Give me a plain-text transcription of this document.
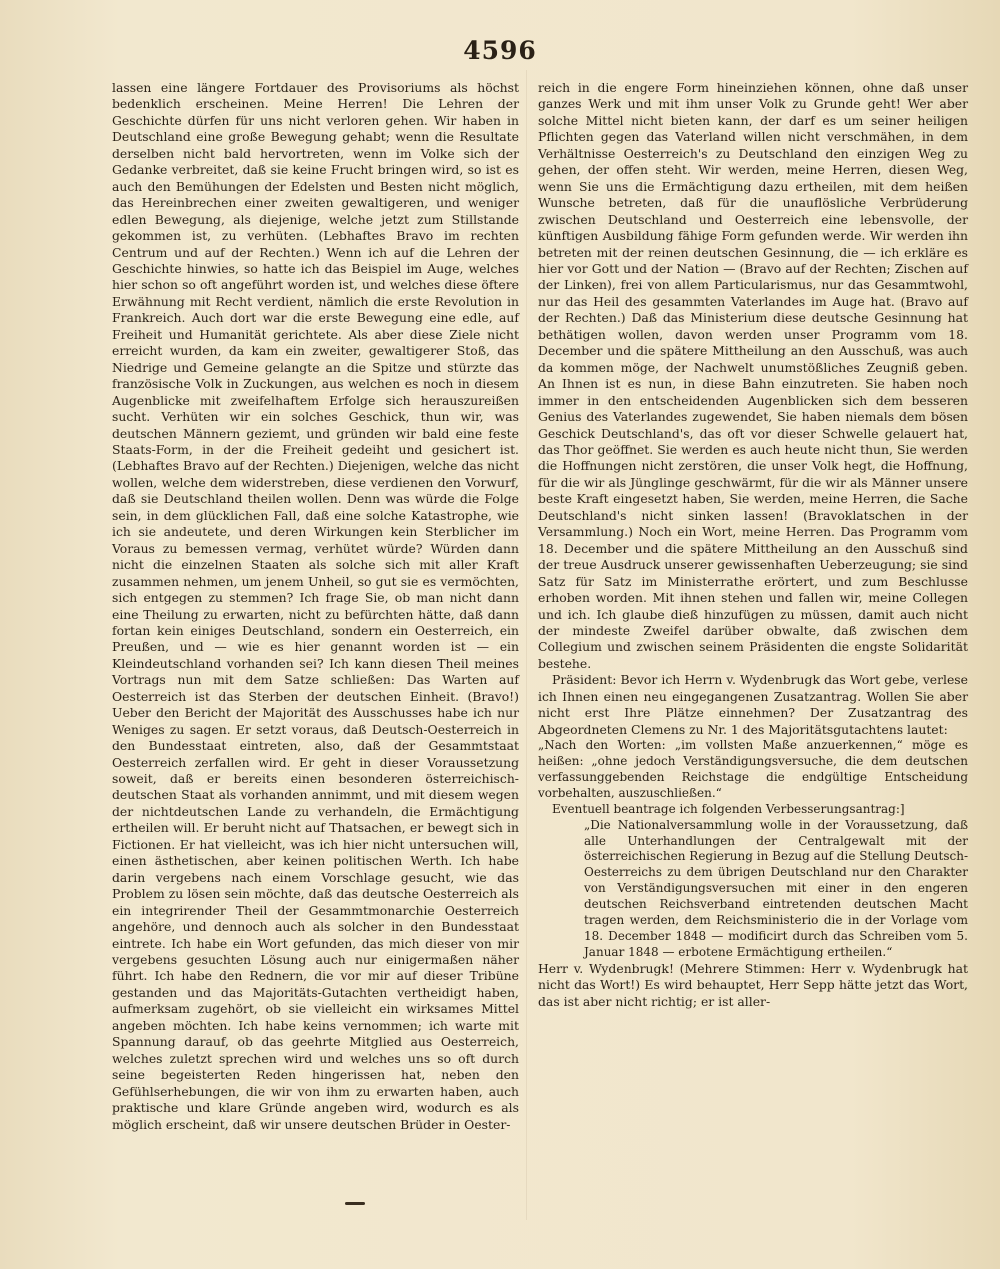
4596

lassen eine längere Fortdauer des Provisoriums als höchst bedenklich erscheinen. Meine Herren! Die Lehren der Geschichte dürfen für uns nicht verloren gehen. Wir haben in Deutschland eine große Bewegung gehabt; wenn die Resultate derselben nicht bald hervortreten, wenn im Volke sich der Gedanke verbreitet, daß sie keine Frucht bringen wird, so ist es auch den Bemühungen der Edelsten und Besten nicht möglich, das Hereinbrechen einer zweiten gewaltigeren, und weniger edlen Bewegung, als diejenige, welche jetzt zum Stillstande gekommen ist, zu verhüten. (Lebhaftes Bravo im rechten Centrum und auf der Rechten.) Wenn ich auf die Lehren der Geschichte hinwies, so hatte ich das Beispiel im Auge, welches hier schon so oft angeführt worden ist, und welches diese öftere Erwähnung mit Recht verdient, nämlich die erste Revolution in Frankreich. Auch dort war die erste Bewegung eine edle, auf Freiheit und Humanität gerichtete. Als aber diese Ziele nicht erreicht wurden, da kam ein zweiter, gewaltigerer Stoß, das Niedrige und Gemeine gelangte an die Spitze und stürzte das französische Volk in Zuckungen, aus welchen es noch in diesem Augenblicke mit zweifelhaftem Erfolge sich herauszureißen sucht. Verhüten wir ein solches Geschick, thun wir, was deutschen Männern geziemt, und gründen wir bald eine feste Staats-Form, in der die Freiheit gedeiht und gesichert ist. (Lebhaftes Bravo auf der Rechten.) Diejenigen, welche das nicht wollen, welche dem widerstreben, diese verdienen den Vorwurf, daß sie Deutschland theilen wollen. Denn was würde die Folge sein, in dem glücklichen Fall, daß eine solche Katastrophe, wie ich sie andeutete, und deren Wirkungen kein Sterblicher im Voraus zu bemessen vermag, verhütet würde? Würden dann nicht die einzelnen Staaten als solche sich mit aller Kraft zusammen nehmen, um jenem Unheil, so gut sie es vermöchten, sich entgegen zu stemmen? Ich frage Sie, ob man nicht dann eine Theilung zu erwarten, nicht zu befürchten hätte, daß dann fortan kein einiges Deutschland, sondern ein Oesterreich, ein Preußen, und — wie es hier genannt worden ist — ein Kleindeutschland vorhanden sei? Ich kann diesen Theil meines Vortrags nun mit dem Satze schließen: Das Warten auf Oesterreich ist das Sterben der deutschen Einheit. (Bravo!) Ueber den Bericht der Majorität des Ausschusses habe ich nur Weniges zu sagen. Er setzt voraus, daß Deutsch-Oesterreich in den Bundesstaat eintreten, also, daß der Gesammtstaat Oesterreich zerfallen wird. Er geht in dieser Voraussetzung soweit, daß er bereits einen besonderen österreichisch-deutschen Staat als vorhanden annimmt, und mit diesem wegen der nichtdeutschen Lande zu verhandeln, die Ermächtigung ertheilen will. Er beruht nicht auf Thatsachen, er bewegt sich in Fictionen. Er hat vielleicht, was ich hier nicht untersuchen will, einen ästhetischen, aber keinen politischen Werth. Ich habe darin vergebens nach einem Vorschlage gesucht, wie das Problem zu lösen sein möchte, daß das deutsche Oesterreich als ein integrirender Theil der Gesammtmonarchie Oesterreich angehöre, und dennoch auch als solcher in den Bundesstaat eintrete. Ich habe ein Wort gefunden, das mich dieser von mir vergebens gesuchten Lösung auch nur einigermaßen näher führt. Ich habe den Rednern, die vor mir auf dieser Tribüne gestanden und das Majoritäts-Gutachten vertheidigt haben, aufmerksam zugehört, ob sie vielleicht ein wirksames Mittel angeben möchten. Ich habe keins vernommen; ich warte mit Spannung darauf, ob das geehrte Mitglied aus Oesterreich, welches zuletzt sprechen wird und welches uns so oft durch seine begeisterten Reden hingerissen hat, neben den Gefühlserhebungen, die wir von ihm zu erwarten haben, auch praktische und klare Gründe angeben wird, wodurch es als möglich erscheint, daß wir unsere deutschen Brüder in Oester-

reich in die engere Form hineinziehen können, ohne daß unser ganzes Werk und mit ihm unser Volk zu Grunde geht! Wer aber solche Mittel nicht bieten kann, der darf es um seiner heiligen Pflichten gegen das Vaterland willen nicht verschmähen, in dem Verhältnisse Oesterreich's zu Deutschland den einzigen Weg zu gehen, der offen steht. Wir werden, meine Herren, diesen Weg, wenn Sie uns die Ermächtigung dazu ertheilen, mit dem heißen Wunsche betreten, daß für die unauflösliche Verbrüderung zwischen Deutschland und Oesterreich eine lebensvolle, der künftigen Ausbildung fähige Form gefunden werde. Wir werden ihn betreten mit der reinen deutschen Gesinnung, die — ich erkläre es hier vor Gott und der Nation — (Bravo auf der Rechten; Zischen auf der Linken), frei von allem Particularismus, nur das Gesammtwohl, nur das Heil des gesammten Vaterlandes im Auge hat. (Bravo auf der Rechten.) Daß das Ministerium diese deutsche Gesinnung hat bethätigen wollen, davon werden unser Programm vom 18. December und die spätere Mittheilung an den Ausschuß, was auch da kommen möge, der Nachwelt unumstößliches Zeugniß geben. An Ihnen ist es nun, in diese Bahn einzutreten. Sie haben noch immer in den entscheidenden Augenblicken sich dem besseren Genius des Vaterlandes zugewendet, Sie haben niemals dem bösen Geschick Deutschland's, das oft vor dieser Schwelle gelauert hat, das Thor geöffnet. Sie werden es auch heute nicht thun, Sie werden die Hoffnungen nicht zerstören, die unser Volk hegt, die Hoffnung, für die wir als Jünglinge geschwärmt, für die wir als Männer unsere beste Kraft eingesetzt haben, Sie werden, meine Herren, die Sache Deutschland's nicht sinken lassen! (Bravoklatschen in der Versammlung.) Noch ein Wort, meine Herren. Das Programm vom 18. December und die spätere Mittheilung an den Ausschuß sind der treue Ausdruck unserer gewissenhaften Ueberzeugung; sie sind Satz für Satz im Ministerrathe erörtert, und zum Beschlusse erhoben worden. Mit ihnen stehen und fallen wir, meine Collegen und ich. Ich glaube dieß hinzufügen zu müssen, damit auch nicht der mindeste Zweifel darüber obwalte, daß zwischen dem Collegium und zwischen seinem Präsidenten die engste Solidarität bestehe.

Präsident: Bevor ich Herrn v. Wydenbrugk das Wort gebe, verlese ich Ihnen einen neu eingegangenen Zusatzantrag. Wollen Sie aber nicht erst Ihre Plätze einnehmen? Der Zusatzantrag des Abgeordneten Clemens zu Nr. 1 des Majoritätsgutachtens lautet:

„Nach den Worten: „im vollsten Maße anzuerkennen,“ möge es heißen: „ohne jedoch Verständigungsversuche, die dem deutschen verfassunggebenden Reichstage die endgültige Entscheidung vorbehalten, auszuschließen.“

Eventuell beantrage ich folgenden Verbesserungsantrag:]

„Die Nationalversammlung wolle in der Voraussetzung, daß alle Unterhandlungen der Centralgewalt mit der österreichischen Regierung in Bezug auf die Stellung Deutsch-Oesterreichs zu dem übrigen Deutschland nur den Charakter von Verständigungsversuchen mit einer in den engeren deutschen Reichsverband eintretenden deutschen Macht tragen werden, dem Reichsministerio die in der Vorlage vom 18. December 1848 — modificirt durch das Schreiben vom 5. Januar 1848 — erbotene Ermächtigung ertheilen.“

Herr v. Wydenbrugk! (Mehrere Stimmen: Herr v. Wydenbrugk hat nicht das Wort!) Es wird behauptet, Herr Sepp hätte jetzt das Wort, das ist aber nicht richtig; er ist aller-
